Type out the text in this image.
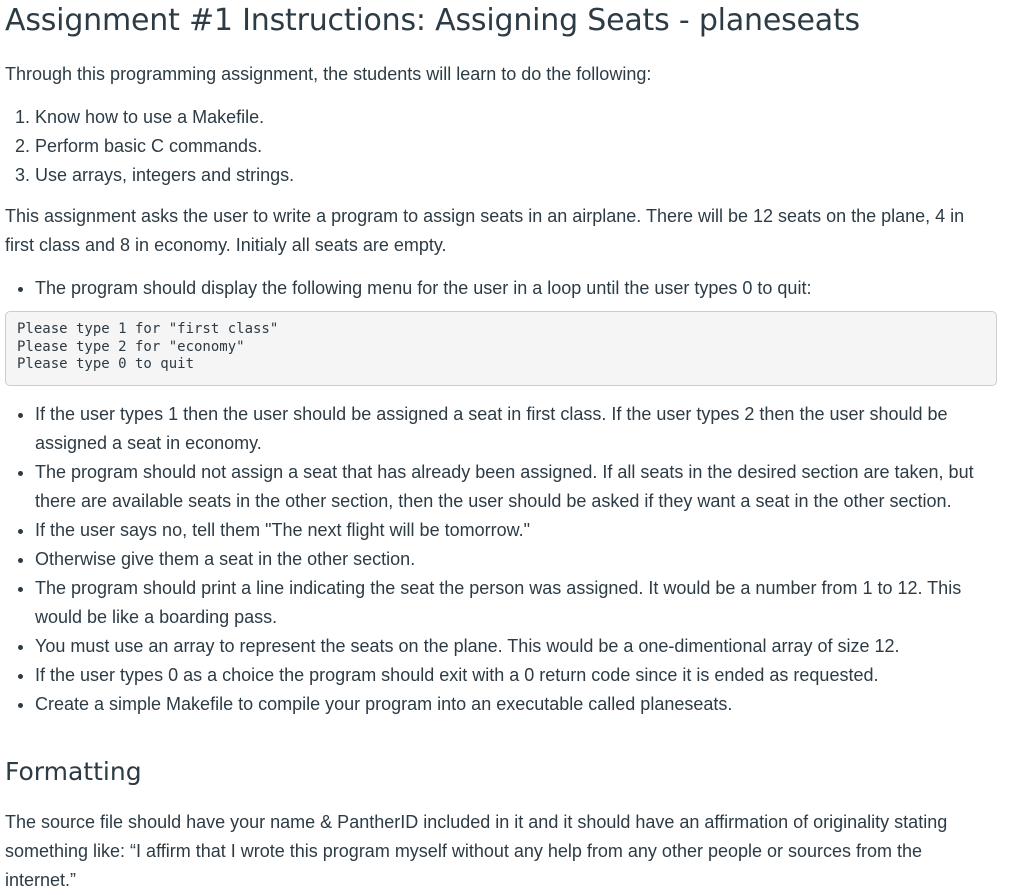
Assignment #1 Instructions: Assigning Seats - planeseats

Through this programming assignment, the students will learn to do the following:

1. Know how to use a Makefile.
2. Perform basic C commands.
3. Use arrays, integers and strings.

This assignment asks the user to write a program to assign seats in an airplane. There will be 12 seats on the plane, 4 in first class and 8 in economy. Initialy all seats are empty.

• The program should display the following menu for the user in a loop until the user types 0 to quit:
Please type 1 for "first class"
Please type 2 for "economy"
Please type 0 to quit
• If the user types 1 then the user should be assigned a seat in first class. If the user types 2 then the user should be assigned a seat in economy.
• The program should not assign a seat that has already been assigned. If all seats in the desired section are taken, but there are available seats in the other section, then the user should be asked if they want a seat in the other section.
• If the user says no, tell them "The next flight will be tomorrow."
• Otherwise give them a seat in the other section.
• The program should print a line indicating the seat the person was assigned. It would be a number from 1 to 12. This would be like a boarding pass.
• You must use an array to represent the seats on the plane. This would be a one-dimentional array of size 12.
• If the user types 0 as a choice the program should exit with a 0 return code since it is ended as requested.
• Create a simple Makefile to compile your program into an executable called planeseats.
Formatting

The source file should have your name & PantherID included in it and it should have an affirmation of originality stating something like: “I affirm that I wrote this program myself without any help from any other people or sources from the internet.”
